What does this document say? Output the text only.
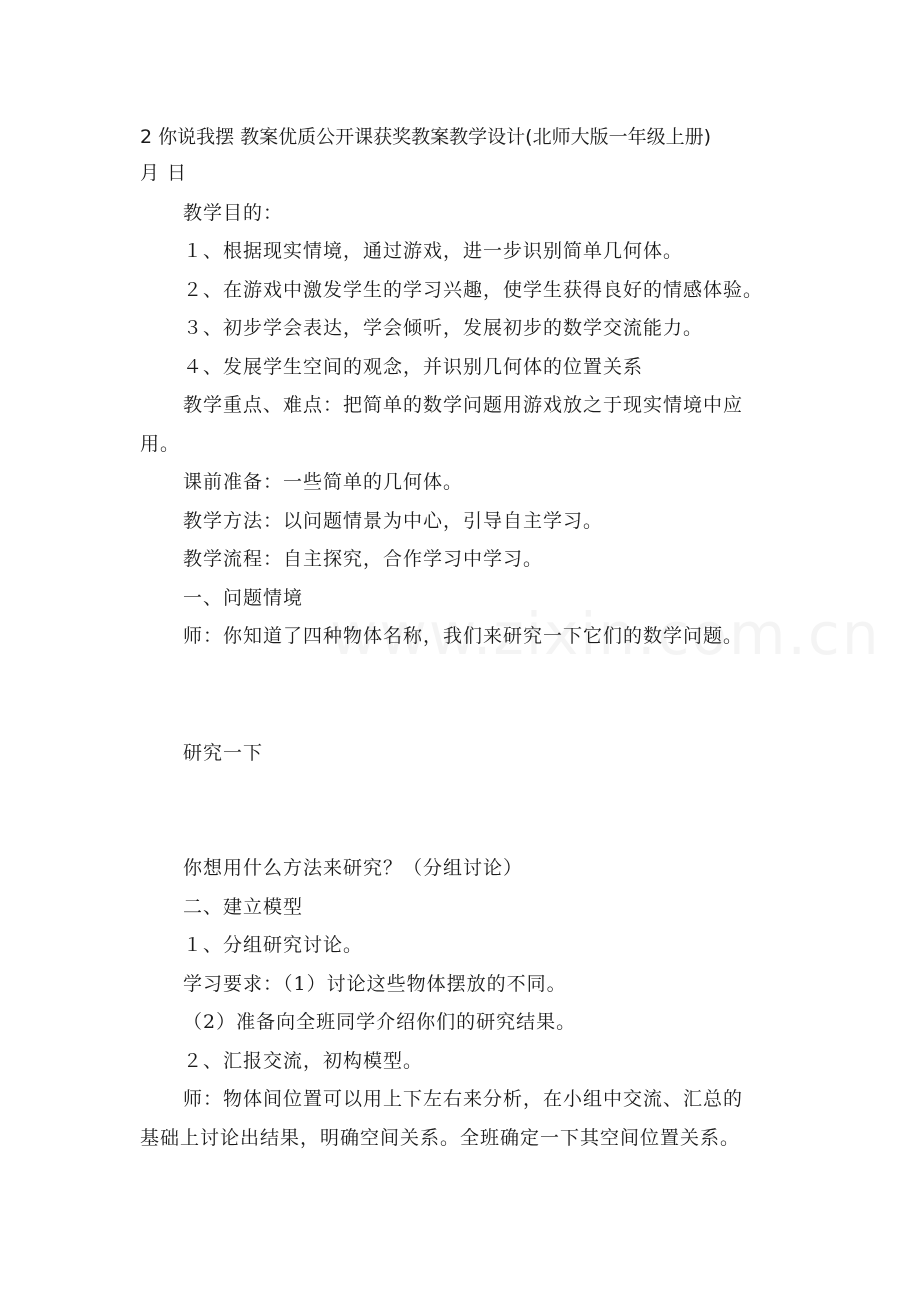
2 你说我摆 教案优质公开课获奖教案教学设计(北师大版一年级上册)
月 日
教学目的：
１、根据现实情境，通过游戏，进一步识别简单几何体。
２、在游戏中激发学生的学习兴趣，使学生获得良好的情感体验。
３、初步学会表达，学会倾听，发展初步的数学交流能力。
４、发展学生空间的观念，并识别几何体的位置关系
教学重点、难点：把简单的数学问题用游戏放之于现实情境中应
用。
课前准备：一些简单的几何体。
教学方法：以问题情景为中心，引导自主学习。
教学流程：自主探究，合作学习中学习。
一、问题情境
师：你知道了四种物体名称，我们来研究一下它们的数学问题。
研究一下
你想用什么方法来研究？（分组讨论）
二、建立模型
１、分组研究讨论。
学习要求：（1）讨论这些物体摆放的不同。
（2）准备向全班同学介绍你们的研究结果。
２、汇报交流，初构模型。
师：物体间位置可以用上下左右来分析，在小组中交流、汇总的
基础上讨论出结果，明确空间关系。全班确定一下其空间位置关系。
